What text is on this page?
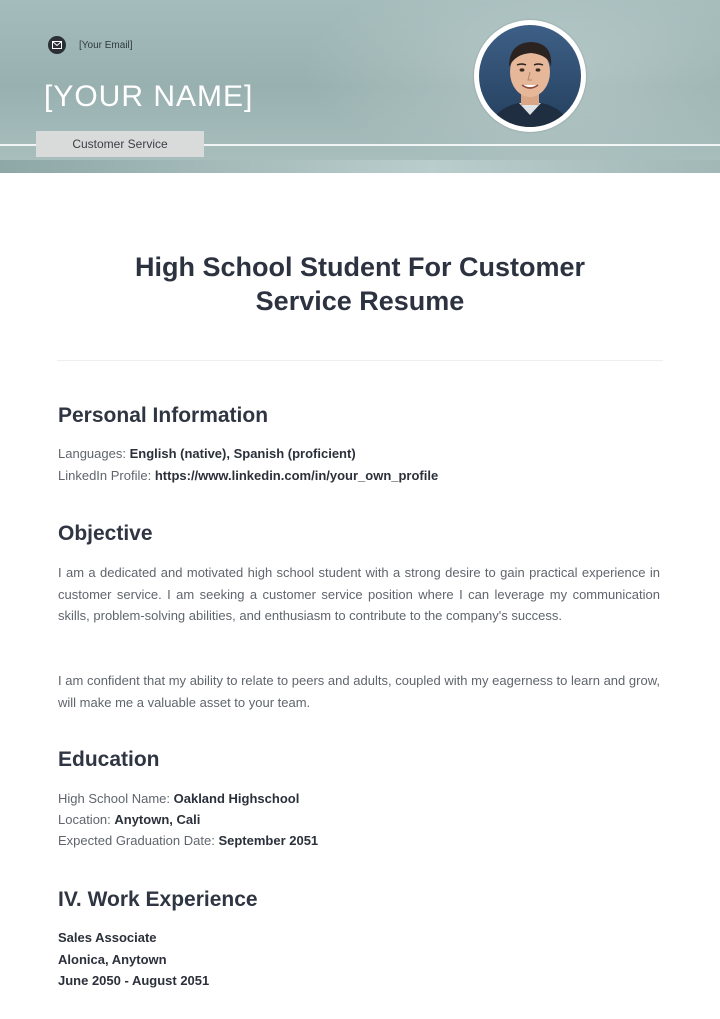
[Your Email]
[YOUR NAME]
Customer Service
High School Student For Customer
Service Resume
Personal Information
Languages: English (native), Spanish (proficient)
LinkedIn Profile: https://www.linkedin.com/in/your_own_profile
Objective

I am a dedicated and motivated high school student with a strong desire to gain practical experience in customer service. I am seeking a customer service position where I can leverage my communication skills, problem-solving abilities, and enthusiasm to contribute to the company's success.

I am confident that my ability to relate to peers and adults, coupled with my eagerness to learn and grow, will make me a valuable asset to your team.

Education
High School Name: Oakland Highschool
Location: Anytown, Cali
Expected Graduation Date: September 2051
IV. Work Experience
Sales Associate
Alonica, Anytown
June 2050 - August 2051
